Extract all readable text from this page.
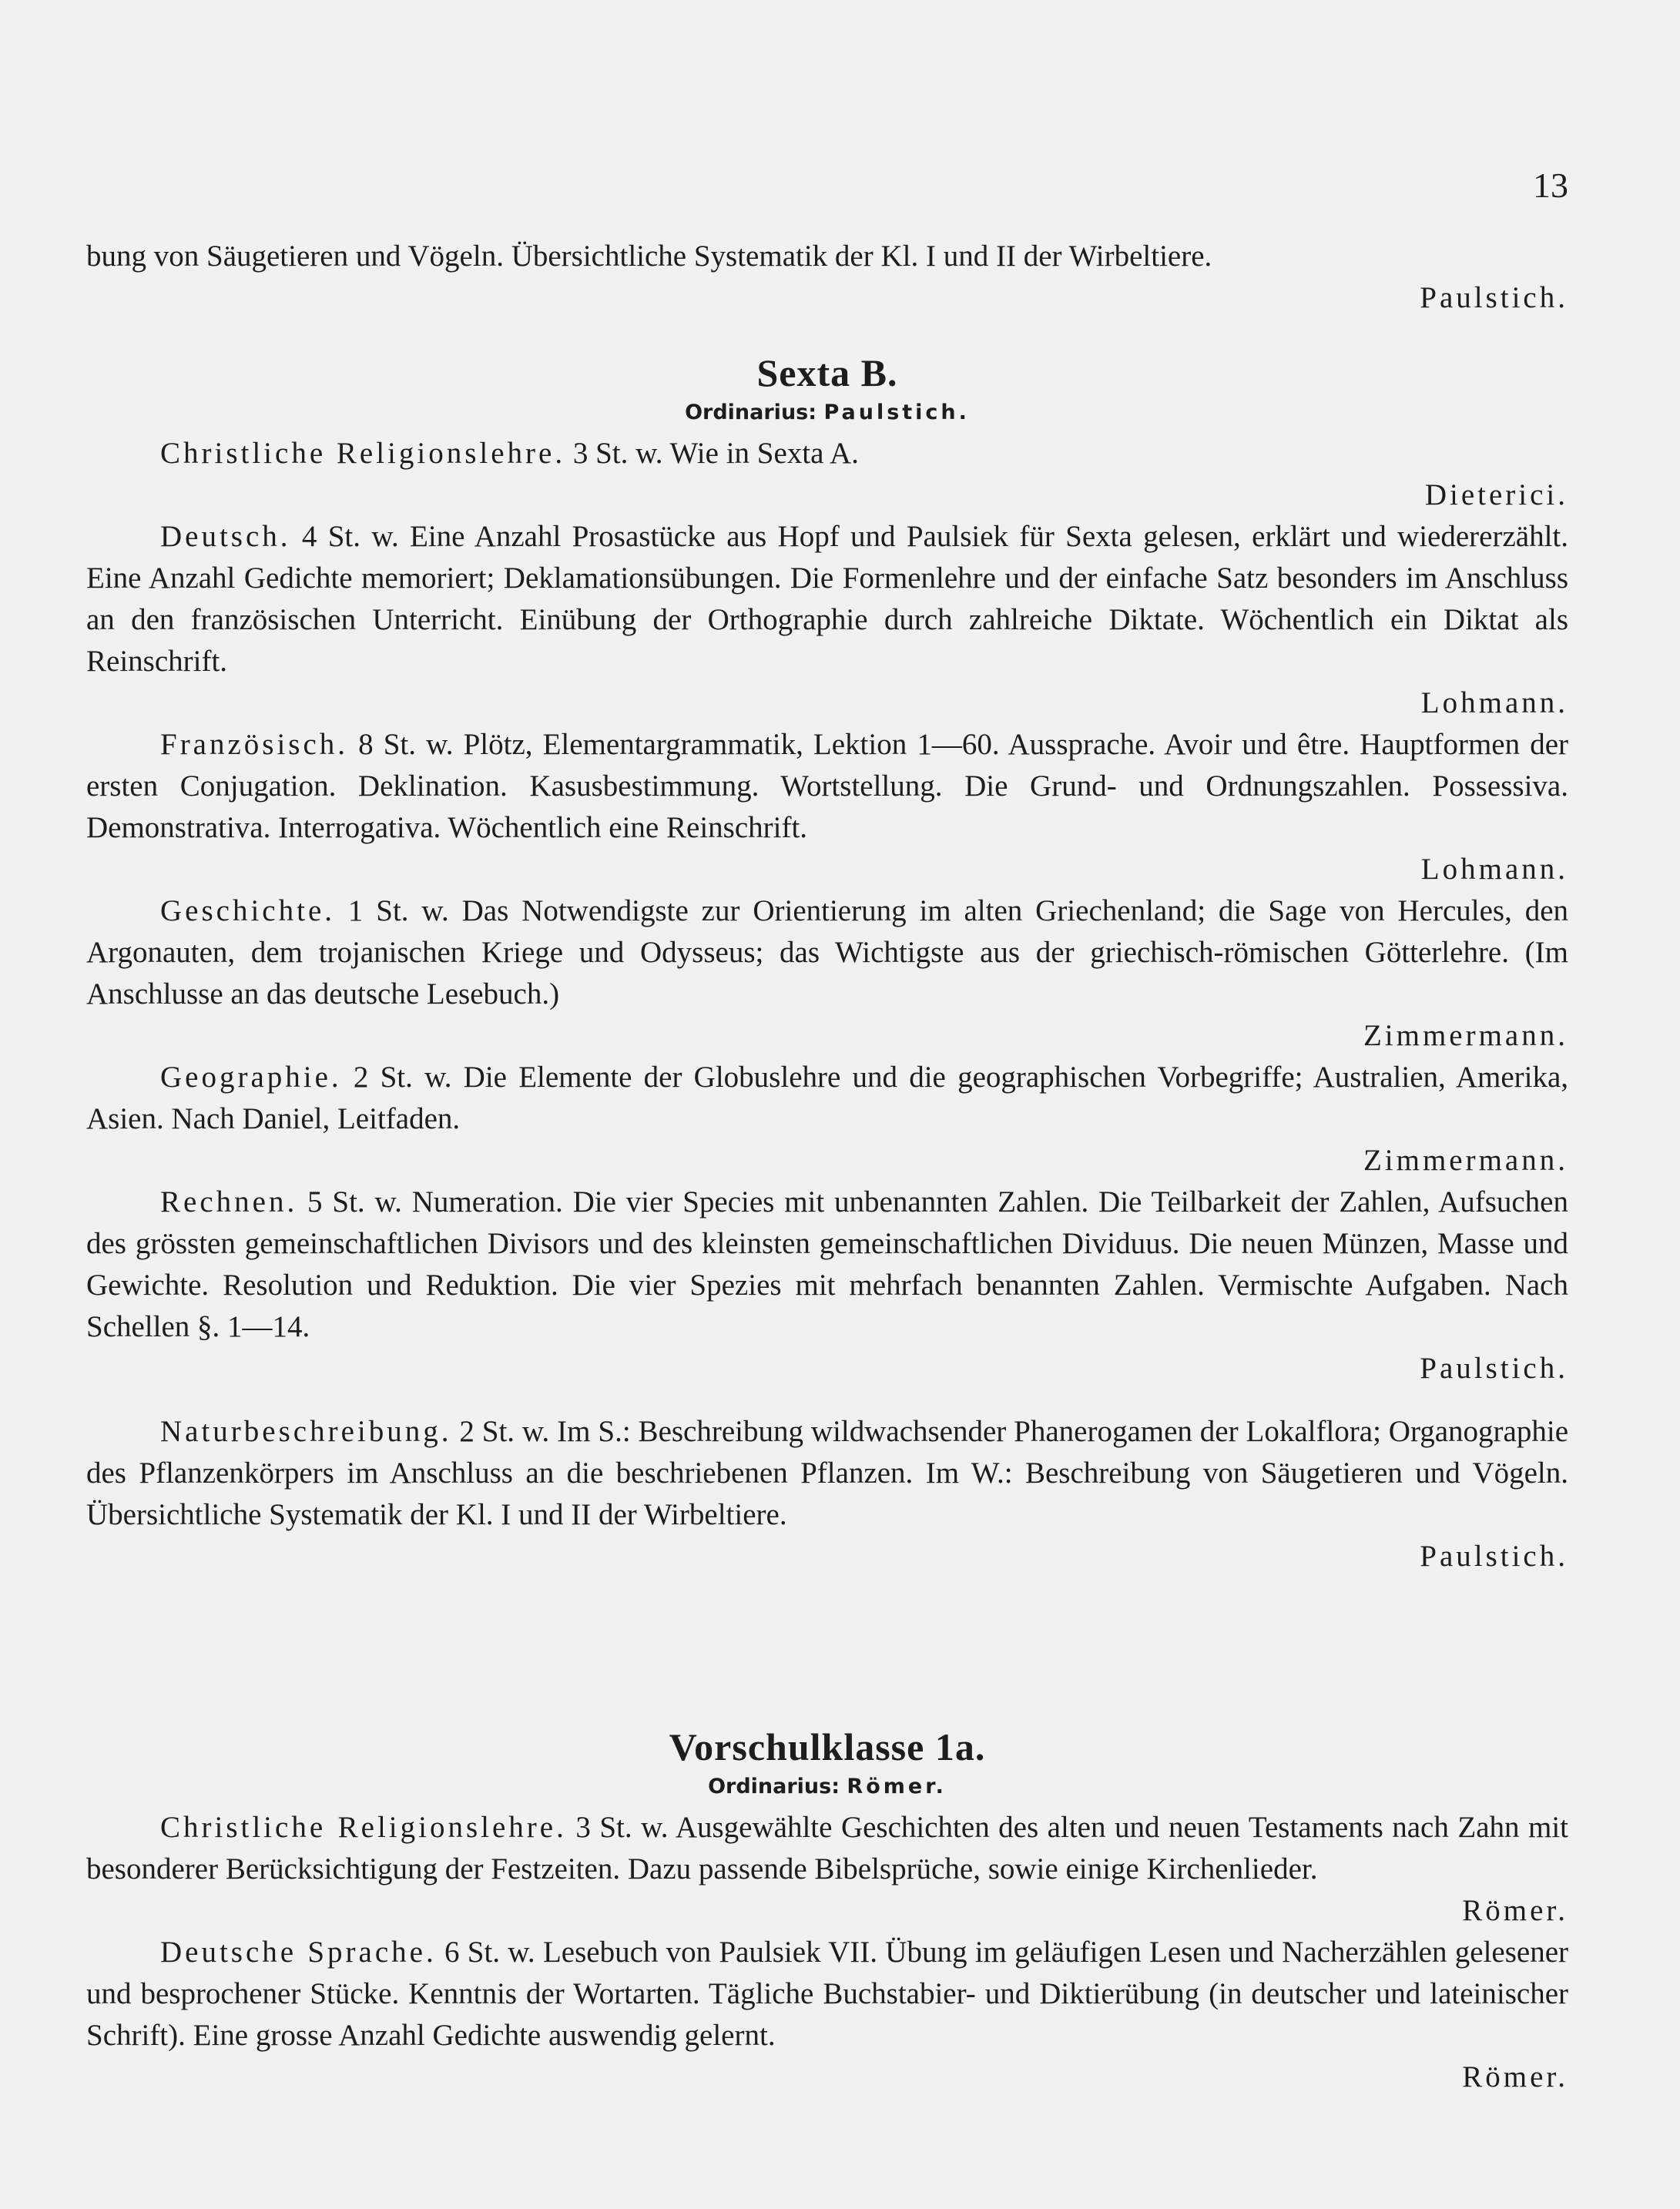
13

bung von Säugetieren und Vögeln. Übersichtliche Systematik der Kl. I und II der Wirbeltiere.
Paulstich.

Sexta B.
Ordinarius: Paulstich.

Christliche Religionslehre. 3 St. w. Wie in Sexta A.
Dieterici.

Deutsch. 4 St. w. Eine Anzahl Prosastücke aus Hopf und Paulsiek für Sexta gelesen, erklärt und wiedererzählt. Eine Anzahl Gedichte memoriert; Deklamationsübungen. Die Formenlehre und der einfache Satz besonders im Anschluss an den französischen Unterricht. Einübung der Orthographie durch zahlreiche Diktate. Wöchentlich ein Diktat als Reinschrift.
Lohmann.

Französisch. 8 St. w. Plötz, Elementargrammatik, Lektion 1—60. Aussprache. Avoir und être. Hauptformen der ersten Conjugation. Deklination. Kasusbestimmung. Wortstellung. Die Grund- und Ordnungszahlen. Possessiva. Demonstrativa. Interrogativa. Wöchentlich eine Reinschrift.
Lohmann.

Geschichte. 1 St. w. Das Notwendigste zur Orientierung im alten Griechenland; die Sage von Hercules, den Argonauten, dem trojanischen Kriege und Odysseus; das Wichtigste aus der griechisch-römischen Götterlehre. (Im Anschlusse an das deutsche Lesebuch.)
Zimmermann.

Geographie. 2 St. w. Die Elemente der Globuslehre und die geographischen Vorbegriffe; Australien, Amerika, Asien. Nach Daniel, Leitfaden.
Zimmermann.

Rechnen. 5 St. w. Numeration. Die vier Species mit unbenannten Zahlen. Die Teilbarkeit der Zahlen, Aufsuchen des grössten gemeinschaftlichen Divisors und des kleinsten gemeinschaftlichen Dividuus. Die neuen Münzen, Masse und Gewichte. Resolution und Reduktion. Die vier Spezies mit mehrfach benannten Zahlen. Vermischte Aufgaben. Nach Schellen §. 1—14.
Paulstich.

Naturbeschreibung. 2 St. w. Im S.: Beschreibung wildwachsender Phanerogamen der Lokalflora; Organographie des Pflanzenkörpers im Anschluss an die beschriebenen Pflanzen. Im W.: Beschreibung von Säugetieren und Vögeln. Übersichtliche Systematik der Kl. I und II der Wirbeltiere.
Paulstich.

Vorschulklasse 1a.
Ordinarius: Römer.

Christliche Religionslehre. 3 St. w. Ausgewählte Geschichten des alten und neuen Testaments nach Zahn mit besonderer Berücksichtigung der Festzeiten. Dazu passende Bibelsprüche, sowie einige Kirchenlieder.
Römer.

Deutsche Sprache. 6 St. w. Lesebuch von Paulsiek VII. Übung im geläufigen Lesen und Nacherzählen gelesener und besprochener Stücke. Kenntnis der Wortarten. Tägliche Buchstabier- und Diktierübung (in deutscher und lateinischer Schrift). Eine grosse Anzahl Gedichte auswendig gelernt.
Römer.
